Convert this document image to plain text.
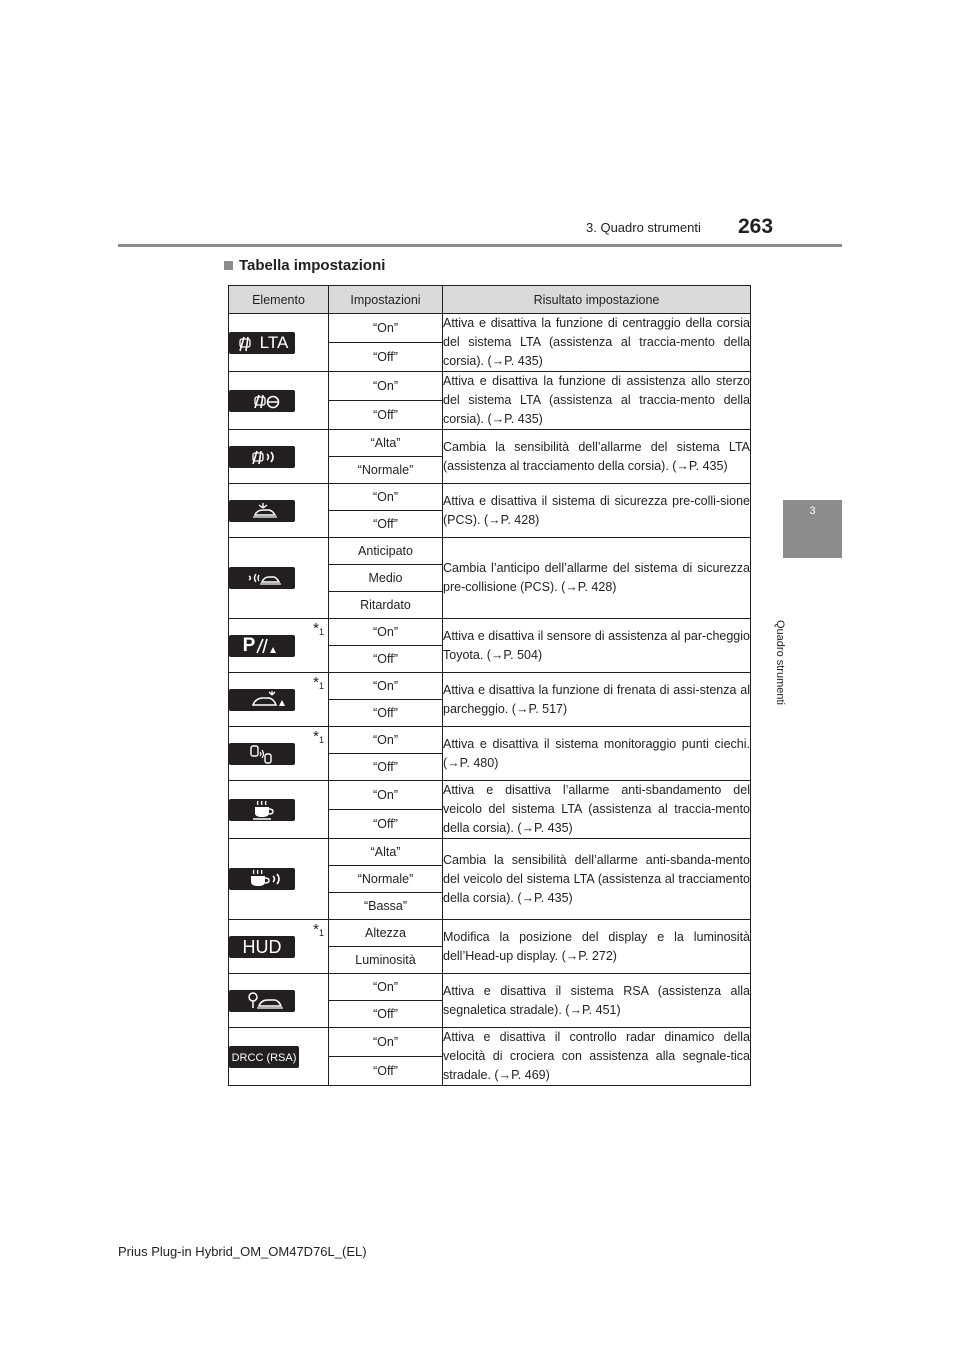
263
3. Quadro strumenti
3
Quadro strumenti
Tabella impostazioni
Elemento	Impostazioni	Risultato impostazione
LTA	“On”	Attiva e disattiva la funzione di centraggio della corsia del sistema LTA (assistenza al traccia-mento della corsia). (→P. 435)
	“Off”	

	“On”	Attiva e disattiva la funzione di assistenza allo sterzo del sistema LTA (assistenza al traccia-mento della corsia). (→P. 435)
	“Off”	

	“Alta”	Cambia la sensibilità dell’allarme del sistema LTA (assistenza al tracciamento della corsia). (→P. 435)
	“Normale”	

	“On”	Attiva e disattiva il sistema di sicurezza pre-colli-sione (PCS). (→P. 428)
	“Off”	

	Anticipato	Cambia l’anticipo dell’allarme del sistema di sicurezza pre-collisione (PCS). (→P. 428)
	Medio	
	Ritardato	
P
$*_1$	“On”	Attiva e disattiva il sensore di assistenza al par-cheggio Toyota. (→P. 504)
	“Off”	

$*_1$	“On”	Attiva e disattiva la funzione di frenata di assi-stenza al parcheggio. (→P. 517)
	“Off”	

$*_1$	“On”	Attiva e disattiva il sistema monitoraggio punti ciechi. (→P. 480)
	“Off”	

	“On”	Attiva e disattiva l’allarme anti-sbandamento del veicolo del sistema LTA (assistenza al traccia-mento della corsia). (→P. 435)
	“Off”	

	“Alta”	Cambia la sensibilità dell’allarme anti-sbanda-mento del veicolo del sistema LTA (assistenza al tracciamento della corsia). (→P. 435)
	“Normale”	
	“Bassa”	
HUD
$*_1$	Altezza	Modifica la posizione del display e la luminosità dell’Head-up display. (→P. 272)
	Luminosità	

	“On”	Attiva e disattiva il sistema RSA (assistenza alla segnaletica stradale). (→P. 451)
	“Off”	
DRCC (RSA)	“On”	Attiva e disattiva il controllo radar dinamico della velocità di crociera con assistenza alla segnale-tica stradale. (→P. 469)
	“Off”	
Prius Plug-in Hybrid_OM_OM47D76L_(EL)
